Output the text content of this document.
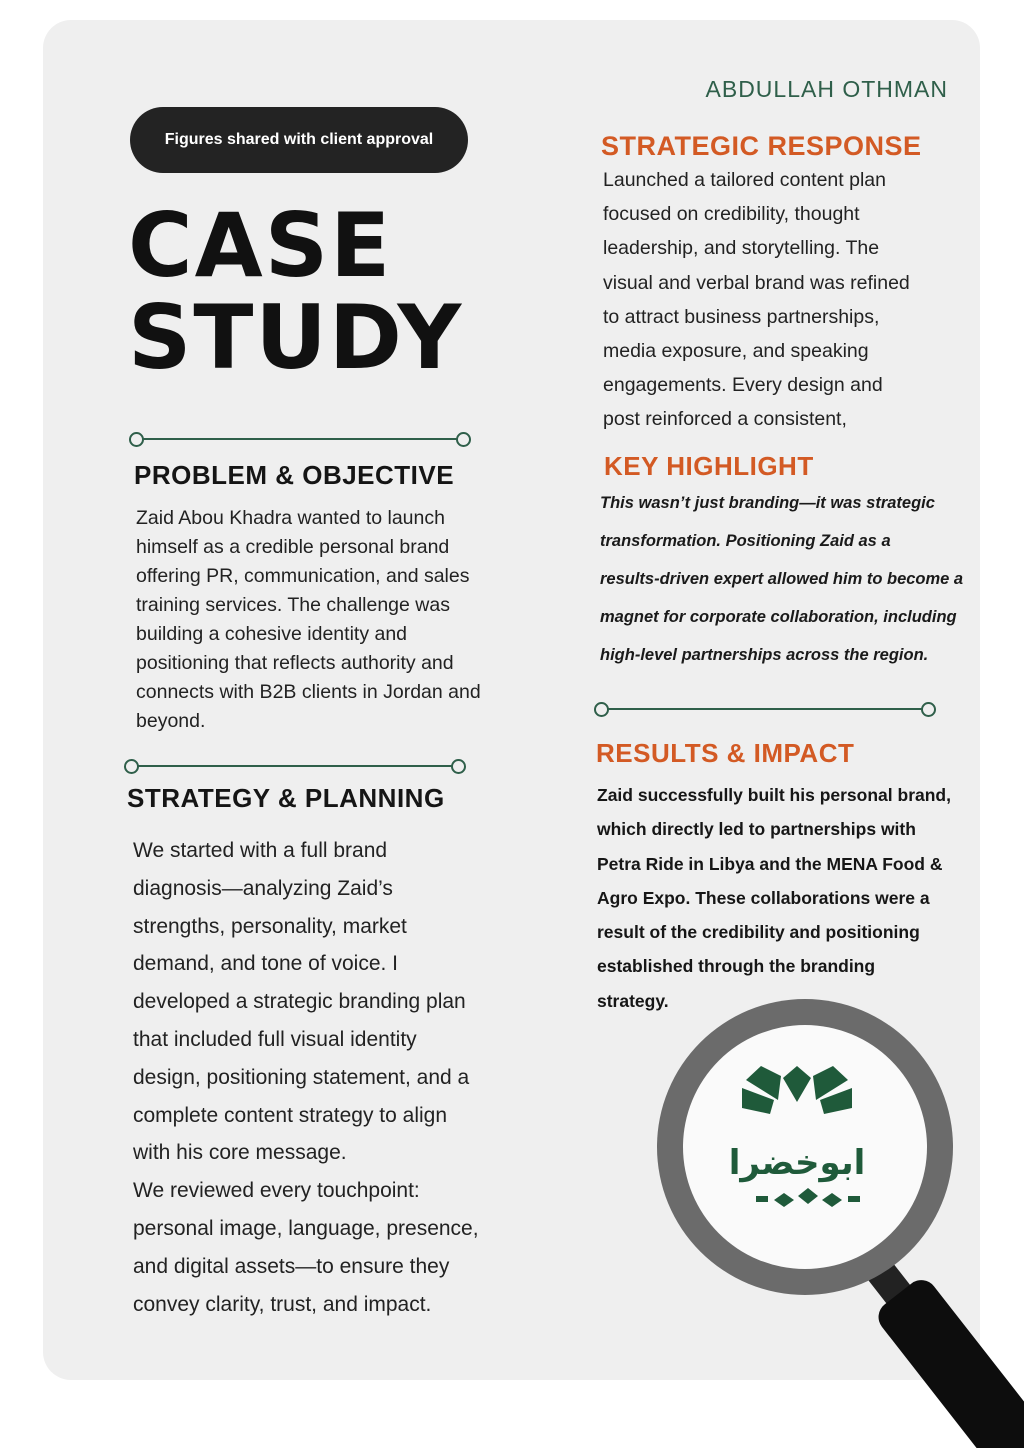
ABDULLAH OTHMAN
Figures shared with client approval
CASE
STUDY
PROBLEM & OBJECTIVE
Zaid Abou Khadra wanted to launch
himself as a credible personal brand
offering PR, communication, and sales
training services. The challenge was
building a cohesive identity and
positioning that reflects authority and
connects with B2B clients in Jordan and
beyond.
STRATEGY & PLANNING
We started with a full brand
diagnosis—analyzing Zaid’s
strengths, personality, market
demand, and tone of voice. I
developed a strategic branding plan
that included full visual identity
design, positioning statement, and a
complete content strategy to align
with his core message.
We reviewed every touchpoint:
personal image, language, presence,
and digital assets—to ensure they
convey clarity, trust, and impact.
STRATEGIC RESPONSE
Launched a tailored content plan
focused on credibility, thought
leadership, and storytelling. The
visual and verbal brand was refined
to attract business partnerships,
media exposure, and speaking
engagements. Every design and
post reinforced a consistent,
KEY HIGHLIGHT
This wasn’t just branding—it was strategic
transformation. Positioning Zaid as a
results-driven expert allowed him to become a
magnet for corporate collaboration, including
high-level partnerships across the region.
RESULTS & IMPACT
Zaid successfully built his personal brand,
which directly led to partnerships with
Petra Ride in Libya and the MENA Food &
Agro Expo. These collaborations were a
result of the credibility and positioning
established through the branding
strategy.
ابوخضرا
